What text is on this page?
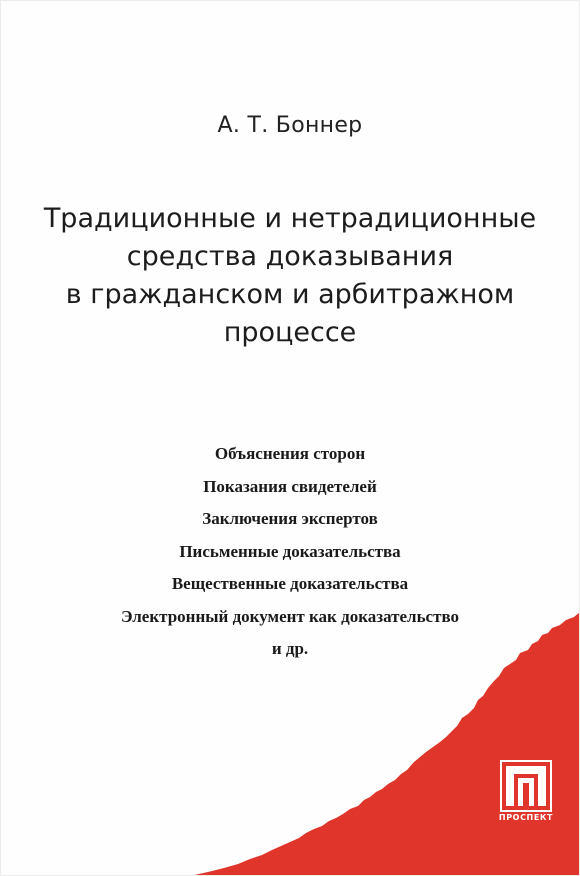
А. Т. Боннер
Традиционные и нетрадиционные
средства доказывания
в гражданском и арбитражном
процессе
Объяснения сторон
Показания свидетелей
Заключения экспертов
Письменные доказательства
Вещественные доказательства
Электронный документ как доказательство
и др.
ПРОСПЕКТ
